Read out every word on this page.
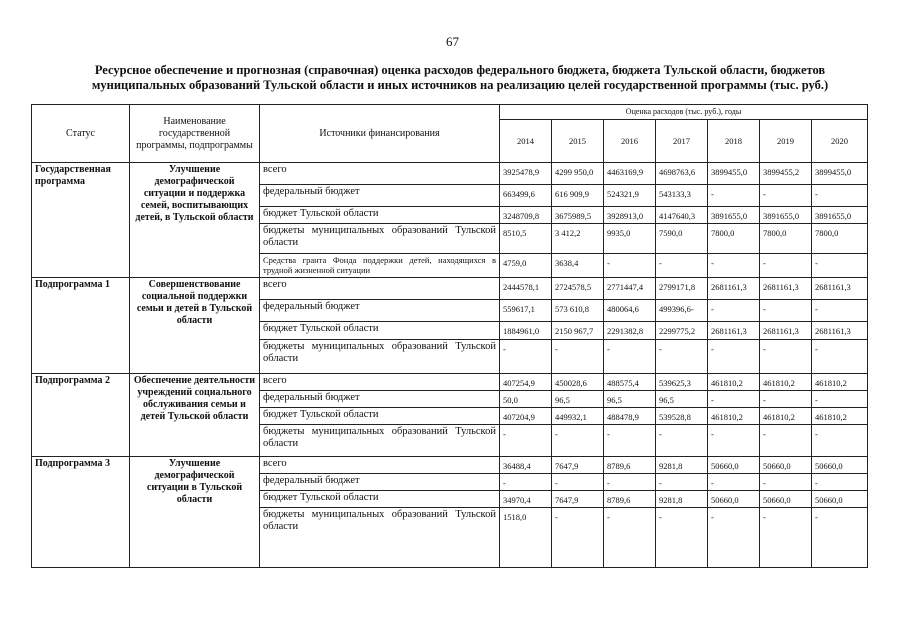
67
Ресурсное обеспечение и прогнозная (справочная) оценка расходов федерального бюджета, бюджета Тульской области, бюджетов муниципальных образований Тульской области и иных источников на реализацию целей государственной программы (тыс. руб.)
Статус	Наименование государственной программы, подпрограммы	Источники финансирования	Оценка расходов (тыс. руб.), годы						
			2014	2015	2016	2017	2018	2019	2020
Государственная программа	Улучшение демографической ситуации и поддержка семей, воспитывающих детей, в Тульской области	всего	3925478,9	4299 950,0	4463169,9	4698763,6	3899455,0	3899455,2	3899455,0
		федеральный бюджет	663499,6	616 909,9	524321,9	543133,3	-	-	-
		бюджет Тульской области	3248709,8	3675989,5	3928913,0	4147640,3	3891655,0	3891655,0	3891655,0
		бюджеты муниципальных образований Тульской области	8510,5	3 412,2	9935,0	7590,0	7800,0	7800,0	7800,0
		Средства гранта Фонда поддержки детей, находящихся в трудной жизненной ситуации	4759,0	3638,4	-	-	-	-	-
Подпрограмма 1	Совершенствование социальной поддержки семьи и детей в Тульской области	всего	2444578,1	2724578,5	2771447,4	2799171,8	2681161,3	2681161,3	2681161,3
		федеральный бюджет	559617,1	573 610,8	480064,6	499396,6-	-	-	-
		бюджет Тульской области	1884961,0	2150 967,7	2291382,8	2299775,2	2681161,3	2681161,3	2681161,3
		бюджеты муниципальных образований Тульской области	-	-	-	-	-	-	-
Подпрограмма 2	Обеспечение деятельности учреждений социального обслуживания семьи и детей Тульской области	всего	407254,9	450028,6	488575,4	539625,3	461810,2	461810,2	461810,2
		федеральный бюджет	50,0	96,5	96,5	96,5	-	-	-
		бюджет Тульской области	407204,9	449932,1	488478,9	539528,8	461810,2	461810,2	461810,2
		бюджеты муниципальных образований Тульской области	-	-	-	-	-	-	-
Подпрограмма 3	Улучшение демографической ситуации в Тульской области	всего	36488,4	7647,9	8789,6	9281,8	50660,0	50660,0	50660,0
		федеральный бюджет	-	-	-	-	-	-	-
		бюджет Тульской области	34970,4	7647,9	8789,6	9281,8	50660,0	50660,0	50660,0
		бюджеты муниципальных образований Тульской области	1518,0	-	-	-	-	-	-
